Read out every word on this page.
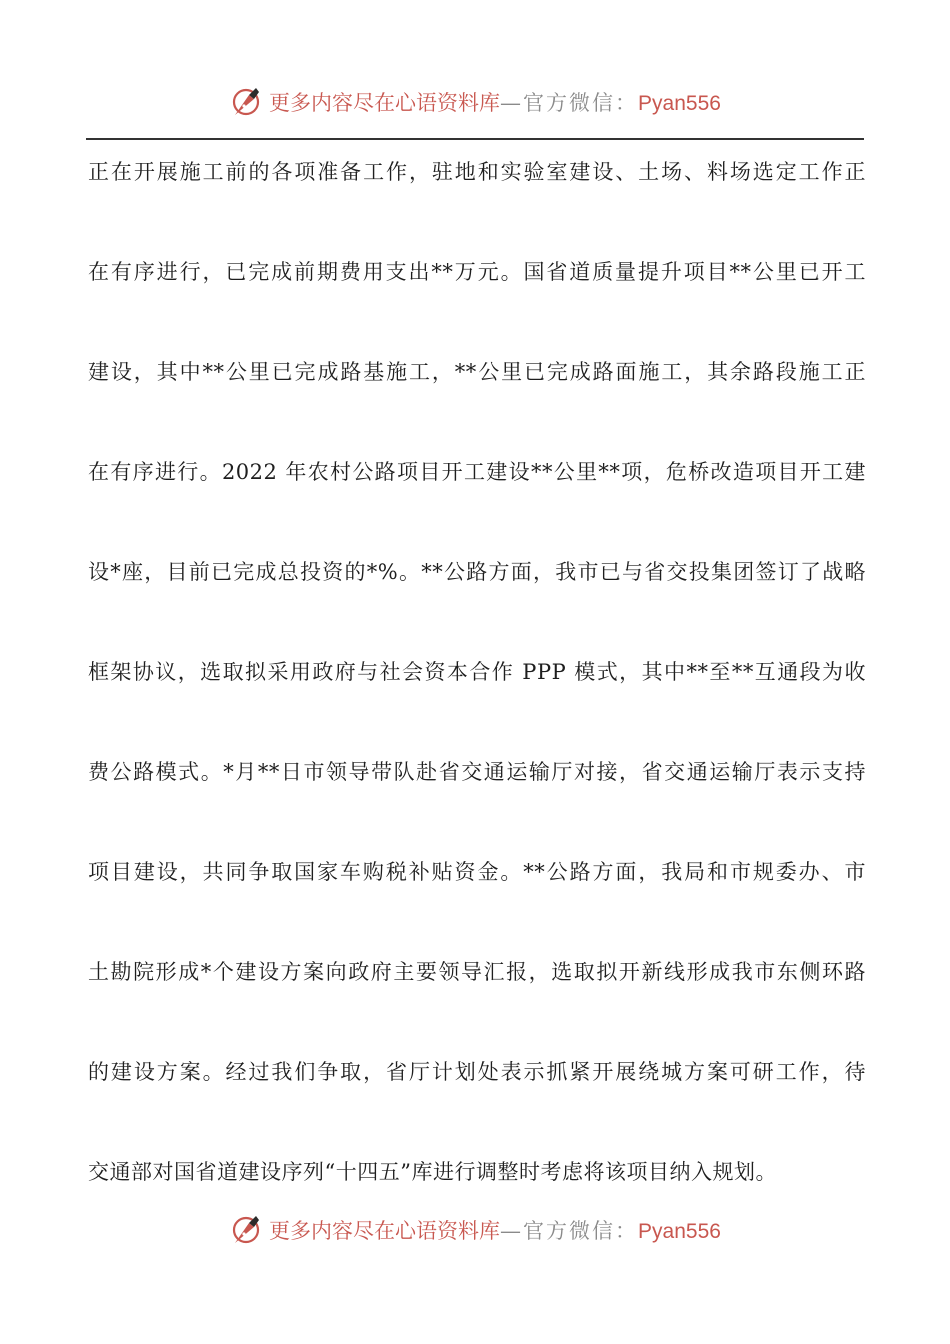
更多内容尽在心语资料库—官方微信：Pyan556
正在开展施工前的各项准备工作，驻地和实验室建设、土场、料场选定工作正
在有序进行，已完成前期费用支出**万元。国省道质量提升项目**公里已开工
建设，其中**公里已完成路基施工，**公里已完成路面施工，其余路段施工正
在有序进行。2022 年农村公路项目开工建设**公里**项，危桥改造项目开工建
设*座，目前已完成总投资的*%。**公路方面，我市已与省交投集团签订了战略
框架协议，选取拟采用政府与社会资本合作 PPP 模式，其中**至**互通段为收
费公路模式。*月**日市领导带队赴省交通运输厅对接，省交通运输厅表示支持
项目建设，共同争取国家车购税补贴资金。**公路方面，我局和市规委办、市
土勘院形成*个建设方案向政府主要领导汇报，选取拟开新线形成我市东侧环路
的建设方案。经过我们争取，省厅计划处表示抓紧开展绕城方案可研工作，待
交通部对国省道建设序列“十四五”库进行调整时考虑将该项目纳入规划。
更多内容尽在心语资料库—官方微信：Pyan556
